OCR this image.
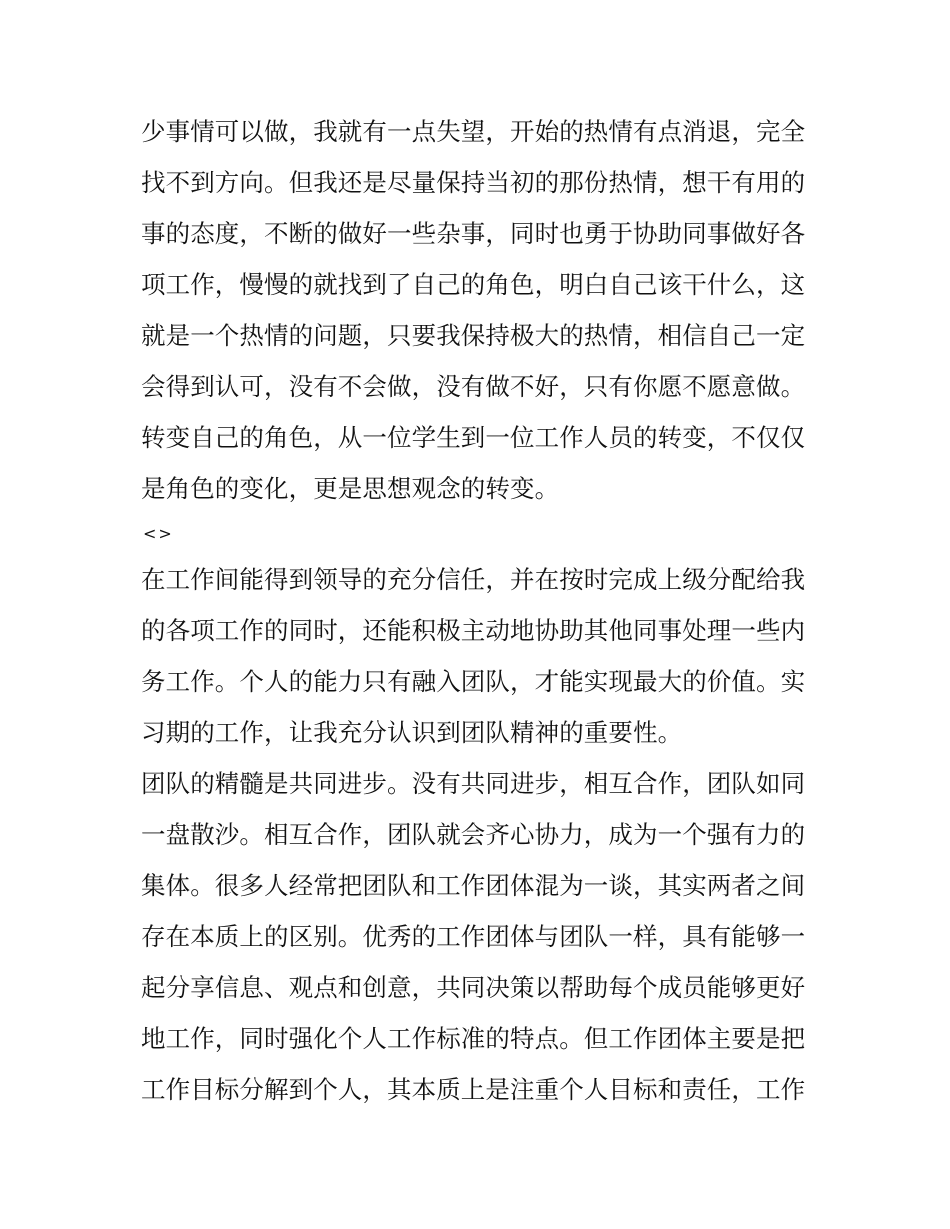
少事情可以做，我就有一点失望，开始的热情有点消退，完全
找不到方向。但我还是尽量保持当初的那份热情，想干有用的
事的态度，不断的做好一些杂事，同时也勇于协助同事做好各
项工作，慢慢的就找到了自己的角色，明白自己该干什么，这
就是一个热情的问题，只要我保持极大的热情，相信自己一定
会得到认可，没有不会做，没有做不好，只有你愿不愿意做。
转变自己的角色，从一位学生到一位工作人员的转变，不仅仅
是角色的变化，更是思想观念的转变。
<>
在工作间能得到领导的充分信任，并在按时完成上级分配给我
的各项工作的同时，还能积极主动地协助其他同事处理一些内
务工作。个人的能力只有融入团队，才能实现最大的价值。实
习期的工作，让我充分认识到团队精神的重要性。
团队的精髓是共同进步。没有共同进步，相互合作，团队如同
一盘散沙。相互合作，团队就会齐心协力，成为一个强有力的
集体。很多人经常把团队和工作团体混为一谈，其实两者之间
存在本质上的区别。优秀的工作团体与团队一样，具有能够一
起分享信息、观点和创意，共同决策以帮助每个成员能够更好
地工作，同时强化个人工作标准的特点。但工作团体主要是把
工作目标分解到个人，其本质上是注重个人目标和责任，工作
